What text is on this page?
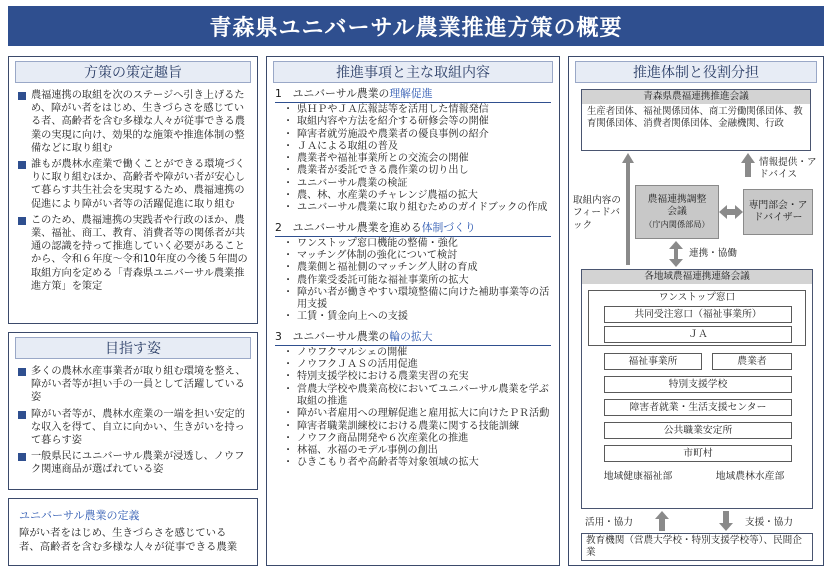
青森県ユニバーサル農業推進方策の概要
方策の策定趣旨
農福連携の取組を次のステージへ引き上げるため、障がい者をはじめ、生きづらさを感じている者、高齢者を含む多様な人々が従事できる農業の実現に向け、効果的な施策や推進体制の整備などに取り組む
誰もが農林水産業で働くことができる環境づくりに取り組むほか、高齢者や障がい者が安心して暮らす共生社会を実現するため、農福連携の促進により障がい者等の活躍促進に取り組む
このため、農福連携の実践者や行政のほか、農業、福祉、商工、教育、消費者等の関係者が共通の認識を持って推進していく必要があることから、令和６年度～令和10年度の今後５年間の取組方向を定める「青森県ユニバーサル農業推進方策」を策定
目指す姿
多くの農林水産事業者が取り組む環境を整え、障がい者等が担い手の一員として活躍している姿
障がい者等が、農林水産業の一端を担い安定的な収入を得て、自立に向かい、生きがいを持って暮らす姿
一般県民にユニバーサル農業が浸透し、ノウフク関連商品が選ばれている姿
ユニバーサル農業の定義
障がい者をはじめ、生きづらさを感じている者、高齢者を含む多様な人々が従事できる農業
推進事項と主な取組内容
1　ユニバーサル農業の理解促進
・ 県ＨＰやＪＡ広報誌等を活用した情報発信
・ 取組内容や方法を紹介する研修会等の開催
・ 障害者就労施設や農業者の優良事例の紹介
・ ＪＡによる取組の普及
・ 農業者や福祉事業所との交流会の開催
・ 農業者が委託できる農作業の切り出し
・ ユニバーサル農業の検証
・ 農、林、水産業のチャレンジ農福の拡大
・ ユニバーサル農業に取り組むためのガイドブックの作成
2　ユニバーサル農業を進める体制づくり
・ ワンストップ窓口機能の整備・強化
・ マッチング体制の強化について検討
・ 農業側と福祉側のマッチング人財の育成
・ 農作業受委託可能な福祉事業所の拡大
・ 障がい者が働きやすい環境整備に向けた補助事業等の活用支援
・ 工賃・賃金向上への支援
3　ユニバーサル農業の輪の拡大
・ ノウフクマルシェの開催
・ ノウフクＪＡＳの活用促進
・ 特別支援学校における農業実習の充実
・ 営農大学校や農業高校においてユニバーサル農業を学ぶ取組の推進
・ 障がい者雇用への理解促進と雇用拡大に向けたＰＲ活動
・ 障害者職業訓練校における農業に関する技能訓練
・ ノウフク商品開発や６次産業化の推進
・ 林福、水福のモデル事例の創出
・ ひきこもり者や高齢者等対象領域の拡大
推進体制と役割分担
青森県農福連携推進会議
生産者団体、福祉関係団体、商工労働関係団体、教育関係団体、消費者関係団体、金融機関、行政
取組内容のフィードバック
情報提供・アドバイス
農福連携調整会議
（庁内関係部局）
専門部会・アドバイザー
連携・協働
各地域農福連携連絡会議
ワンストップ窓口
共同受注窓口（福祉事業所）
ＪＡ
福祉事業所	農業者
特別支援学校
障害者就業・生活支援センター
公共職業安定所
市町村
地域健康福祉部	地域農林水産部
活用・協力	支援・協力
教育機関（営農大学校・特別支援学校等）、民間企業
